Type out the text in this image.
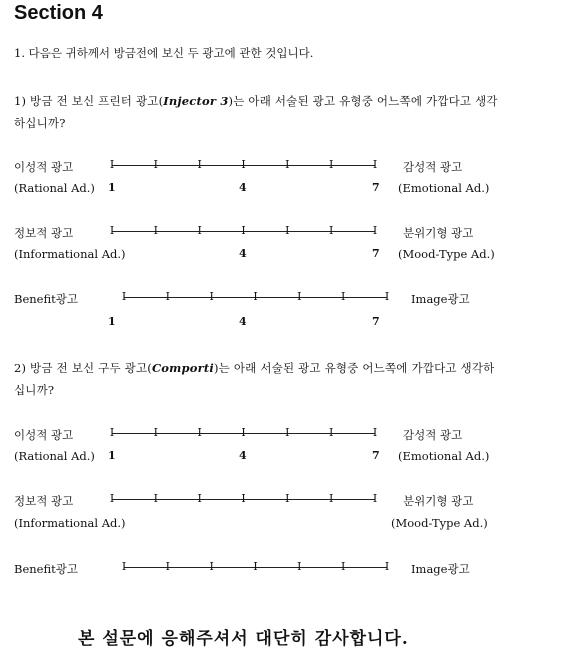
Section 4
1. 다음은 귀하께서 방금전에 보신 두 광고에 관한 것입니다.
1) 방금 전 보신 프린터 광고(Injector 3)는 아래 서술된 광고 유형중 어느쪽에 가깝다고 생각
하십니까?
이성적 광고	I	I	I	I	I	I	I 감성적 광고
(Rational Ad.) 1	4	7 (Emotional Ad.)
정보적 광고	I	I	I	I	I	I	I 분위기형 광고
(Informational Ad.)	4	7 (Mood-Type Ad.)
Benefit광고	I	I	I	I	I	I	I Image광고
1	4	7
2) 방금 전 보신 구두 광고(Comporti)는 아래 서술된 광고 유형중 어느쪽에 가깝다고 생각하
십니까?
이성적 광고	I	I	I	I	I	I	I 감성적 광고
(Rational Ad.) 1	4	7 (Emotional Ad.)
정보적 광고	I	I	I	I	I	I	I 분위기형 광고
(Informational Ad.)	(Mood-Type Ad.)
Benefit광고	I	I	I	I	I	I	I Image광고
본 설문에 응해주셔서 대단히 감사합니다.
